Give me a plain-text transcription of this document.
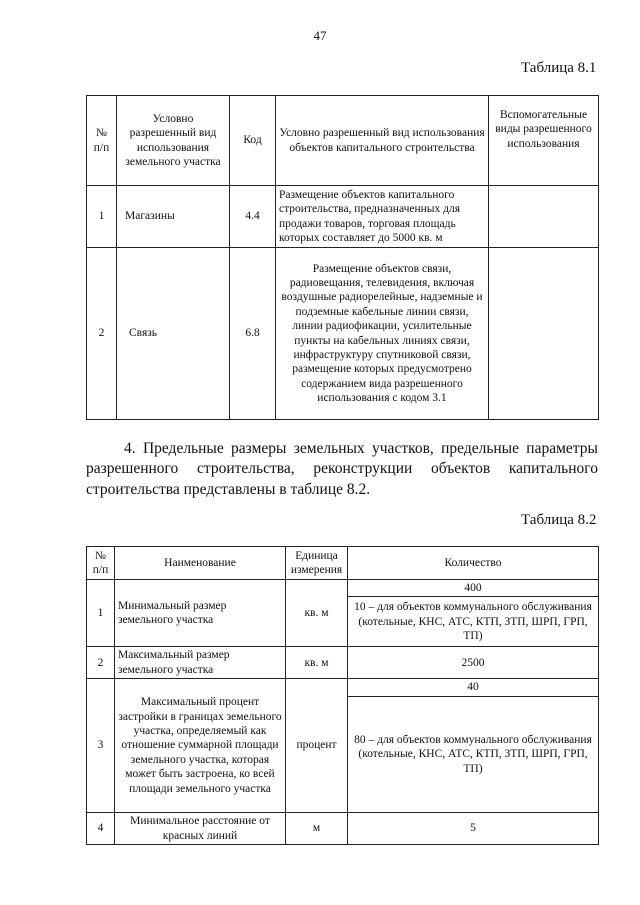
47
Таблица 8.1
№ п/п	Условно разрешенный вид использования земельного участка	Код	Условно разрешенный вид использования объектов капитального строительства	Вспомогательные виды разрешенного использования
1	Магазины	4.4	Размещение объектов капитального строительства, предназначенных для продажи товаров, торговая площадь которых составляет до 5000 кв. м	
2	Связь	6.8	Размещение объектов связи, радиовещания, телевидения, включая воздушные радиорелейные, надземные и подземные кабельные линии связи, линии радиофикации, усилительные пункты на кабельных линиях связи, инфраструктуру спутниковой связи, размещение которых предусмотрено содержанием вида разрешенного использования с кодом 3.1	
4. Предельные размеры земельных участков, предельные параметры
разрешенного строительства, реконструкции объектов капитального
строительства представлены в таблице 8.2.
Таблица 8.2
№ п/п	Наименование	Единица измерения	Количество
1	Минимальный размер земельного участка	кв. м	400
			10 – для объектов коммунального обслуживания (котельные, КНС, АТС, КТП, ЗТП, ШРП, ГРП, ТП)
2	Максимальный размер земельного участка	кв. м	2500
3	Максимальный процент застройки в границах земельного участка, определяемый как отношение суммарной площади земельного участка, которая может быть застроена, ко всей площади земельного участка	процент	40
			80 – для объектов коммунального обслуживания (котельные, КНС, АТС, КТП, ЗТП, ШРП, ГРП, ТП)
4	Минимальное расстояние от красных линий	м	5
